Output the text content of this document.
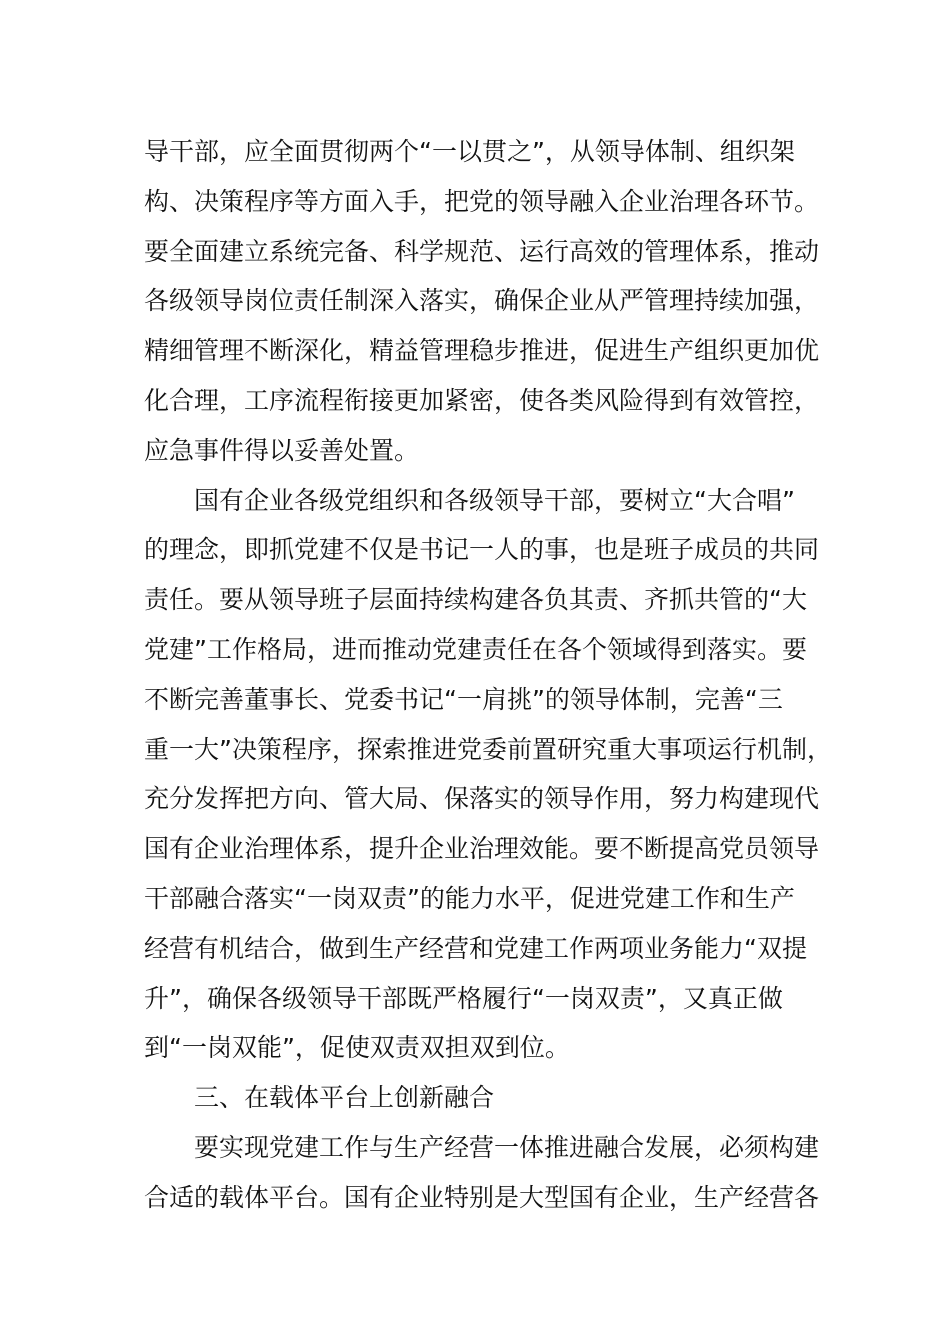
导干部，应全面贯彻两个“一以贯之”，从领导体制、组织架
构、决策程序等方面入手，把党的领导融入企业治理各环节。
要全面建立系统完备、科学规范、运行高效的管理体系，推动
各级领导岗位责任制深入落实，确保企业从严管理持续加强，
精细管理不断深化，精益管理稳步推进，促进生产组织更加优
化合理，工序流程衔接更加紧密，使各类风险得到有效管控，
应急事件得以妥善处置。
国有企业各级党组织和各级领导干部，要树立“大合唱”
的理念，即抓党建不仅是书记一人的事，也是班子成员的共同
责任。要从领导班子层面持续构建各负其责、齐抓共管的“大
党建”工作格局，进而推动党建责任在各个领域得到落实。要
不断完善董事长、党委书记“一肩挑”的领导体制，完善“三
重一大”决策程序，探索推进党委前置研究重大事项运行机制，
充分发挥把方向、管大局、保落实的领导作用，努力构建现代
国有企业治理体系，提升企业治理效能。要不断提高党员领导
干部融合落实“一岗双责”的能力水平，促进党建工作和生产
经营有机结合，做到生产经营和党建工作两项业务能力“双提
升”，确保各级领导干部既严格履行“一岗双责”，又真正做
到“一岗双能”，促使双责双担双到位。
三、在载体平台上创新融合
要实现党建工作与生产经营一体推进融合发展，必须构建
合适的载体平台。国有企业特别是大型国有企业，生产经营各
